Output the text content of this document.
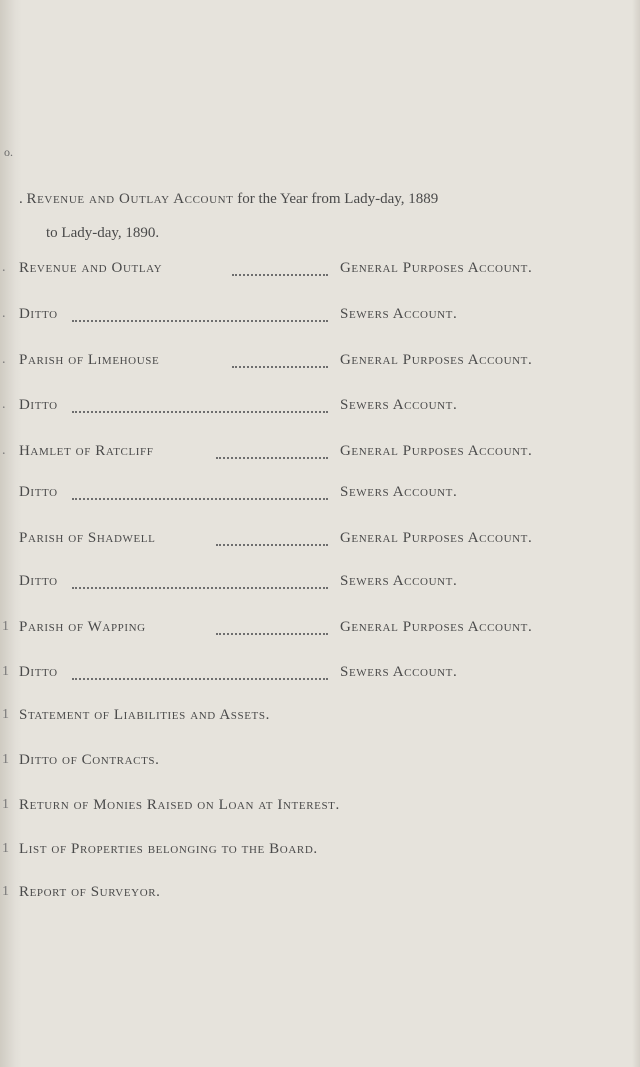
o.
. Revenue and Outlay Account for the Year from Lady-day, 1889
to Lady-day, 1890.
. Revenue and Outlay	General Purposes Account.
. Ditto	Sewers Account.
. Parish of Limehouse	General Purposes Account.
. Ditto	Sewers Account.
. Hamlet of Ratcliff	General Purposes Account.
Ditto	Sewers Account.
Parish of Shadwell	General Purposes Account.
Ditto	Sewers Account.
1 Parish of Wapping	General Purposes Account.
1 Ditto	Sewers Account.
1 Statement of Liabilities and Assets.
1 Ditto of Contracts.
1 Return of Monies Raised on Loan at Interest.
1 List of Properties belonging to the Board.
1 Report of Surveyor.
